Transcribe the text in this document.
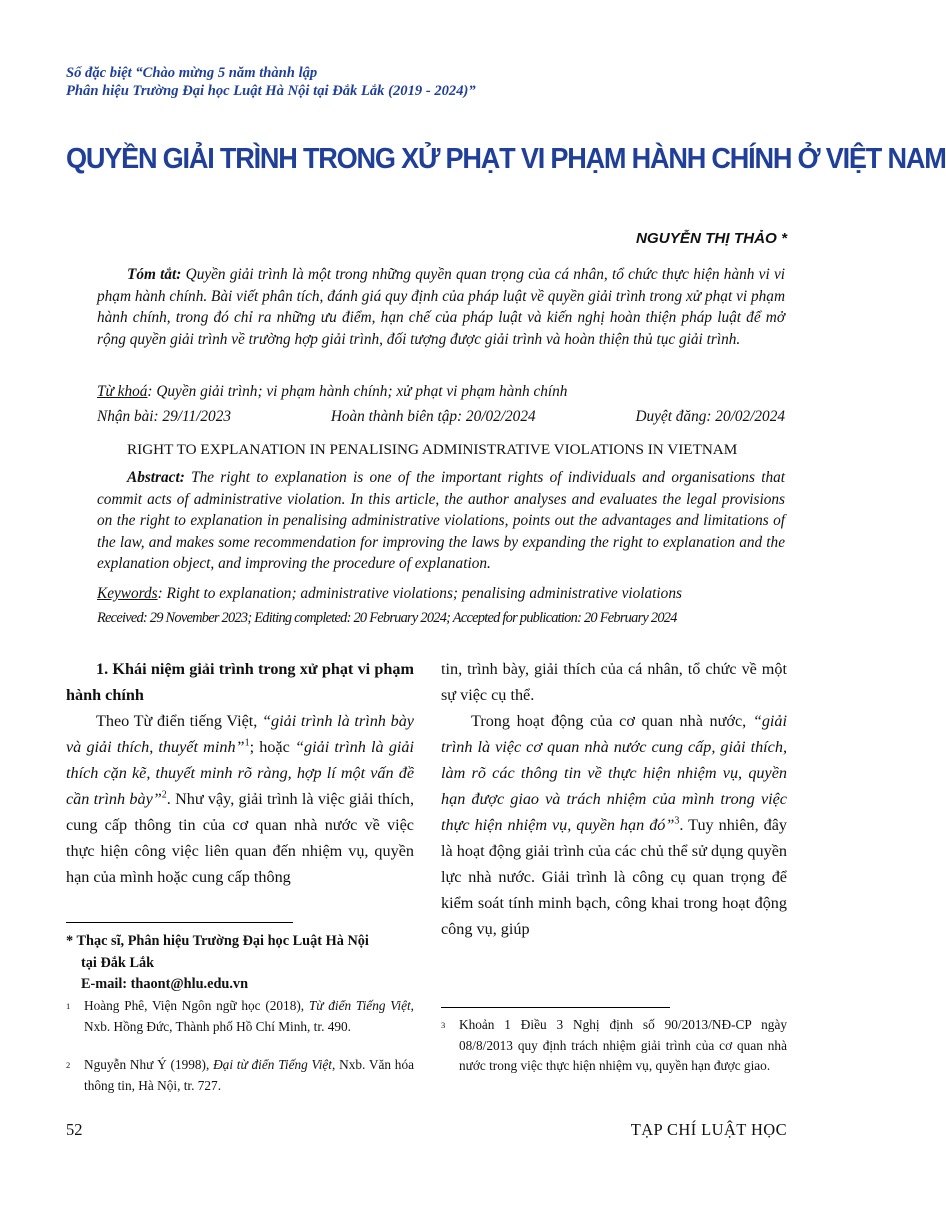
Số đặc biệt “Chào mừng 5 năm thành lập
Phân hiệu Trường Đại học Luật Hà Nội tại Đắk Lắk (2019 - 2024)”
QUYỀN GIẢI TRÌNH TRONG XỬ PHẠT VI PHẠM HÀNH CHÍNH Ở VIỆT NAM
NGUYỄN THỊ THẢO *
Tóm tắt: Quyền giải trình là một trong những quyền quan trọng của cá nhân, tổ chức thực hiện hành vi vi phạm hành chính. Bài viết phân tích, đánh giá quy định của pháp luật về quyền giải trình trong xử phạt vi phạm hành chính, trong đó chỉ ra những ưu điểm, hạn chế của pháp luật và kiến nghị hoàn thiện pháp luật để mở rộng quyền giải trình về trường hợp giải trình, đối tượng được giải trình và hoàn thiện thủ tục giải trình.
Từ khoá: Quyền giải trình; vi phạm hành chính; xử phạt vi phạm hành chính
Nhận bài: 29/11/2023	Hoàn thành biên tập: 20/02/2024	Duyệt đăng: 20/02/2024
RIGHT TO EXPLANATION IN PENALISING ADMINISTRATIVE VIOLATIONS IN VIETNAM
Abstract: The right to explanation is one of the important rights of individuals and organisations that commit acts of administrative violation. In this article, the author analyses and evaluates the legal provisions on the right to explanation in penalising administrative violations, points out the advantages and limitations of the law, and makes some recommendation for improving the laws by expanding the right to explanation and the explanation object, and improving the procedure of explanation.
Keywords: Right to explanation; administrative violations; penalising administrative violations
Received: 29 November 2023; Editing completed: 20 February 2024; Accepted for publication: 20 February 2024

1. Khái niệm giải trình trong xử phạt vi phạm hành chính

Theo Từ điển tiếng Việt, “giải trình là trình bày và giải thích, thuyết minh”$^1$; hoặc “giải trình là giải thích cặn kẽ, thuyết minh rõ ràng, hợp lí một vấn đề cần trình bày”$^2$. Như vậy, giải trình là việc giải thích, cung cấp thông tin của cơ quan nhà nước về việc thực hiện công việc liên quan đến nhiệm vụ, quyền hạn của mình hoặc cung cấp thông

tin, trình bày, giải thích của cá nhân, tổ chức về một sự việc cụ thể.

Trong hoạt động của cơ quan nhà nước, “giải trình là việc cơ quan nhà nước cung cấp, giải thích, làm rõ các thông tin về thực hiện nhiệm vụ, quyền hạn được giao và trách nhiệm của mình trong việc thực hiện nhiệm vụ, quyền hạn đó”$^3$. Tuy nhiên, đây là hoạt động giải trình của các chủ thể sử dụng quyền lực nhà nước. Giải trình là công cụ quan trọng để kiểm soát tính minh bạch, công khai trong hoạt động công vụ, giúp

* Thạc sĩ, Phân hiệu Trường Đại học Luật Hà Nội
tại Đắk Lắk
E-mail: thaont@hlu.edu.vn
1	Hoàng Phê, Viện Ngôn ngữ học (2018), Từ điển Tiếng Việt, Nxb. Hồng Đức, Thành phố Hồ Chí Minh, tr. 490.
2	Nguyễn Như Ý (1998), Đại từ điển Tiếng Việt, Nxb. Văn hóa thông tin, Hà Nội, tr. 727.
3	Khoản 1 Điều 3 Nghị định số 90/2013/NĐ-CP ngày 08/8/2013 quy định trách nhiệm giải trình của cơ quan nhà nước trong việc thực hiện nhiệm vụ, quyền hạn được giao.
52	TẠP CHÍ LUẬT HỌC
